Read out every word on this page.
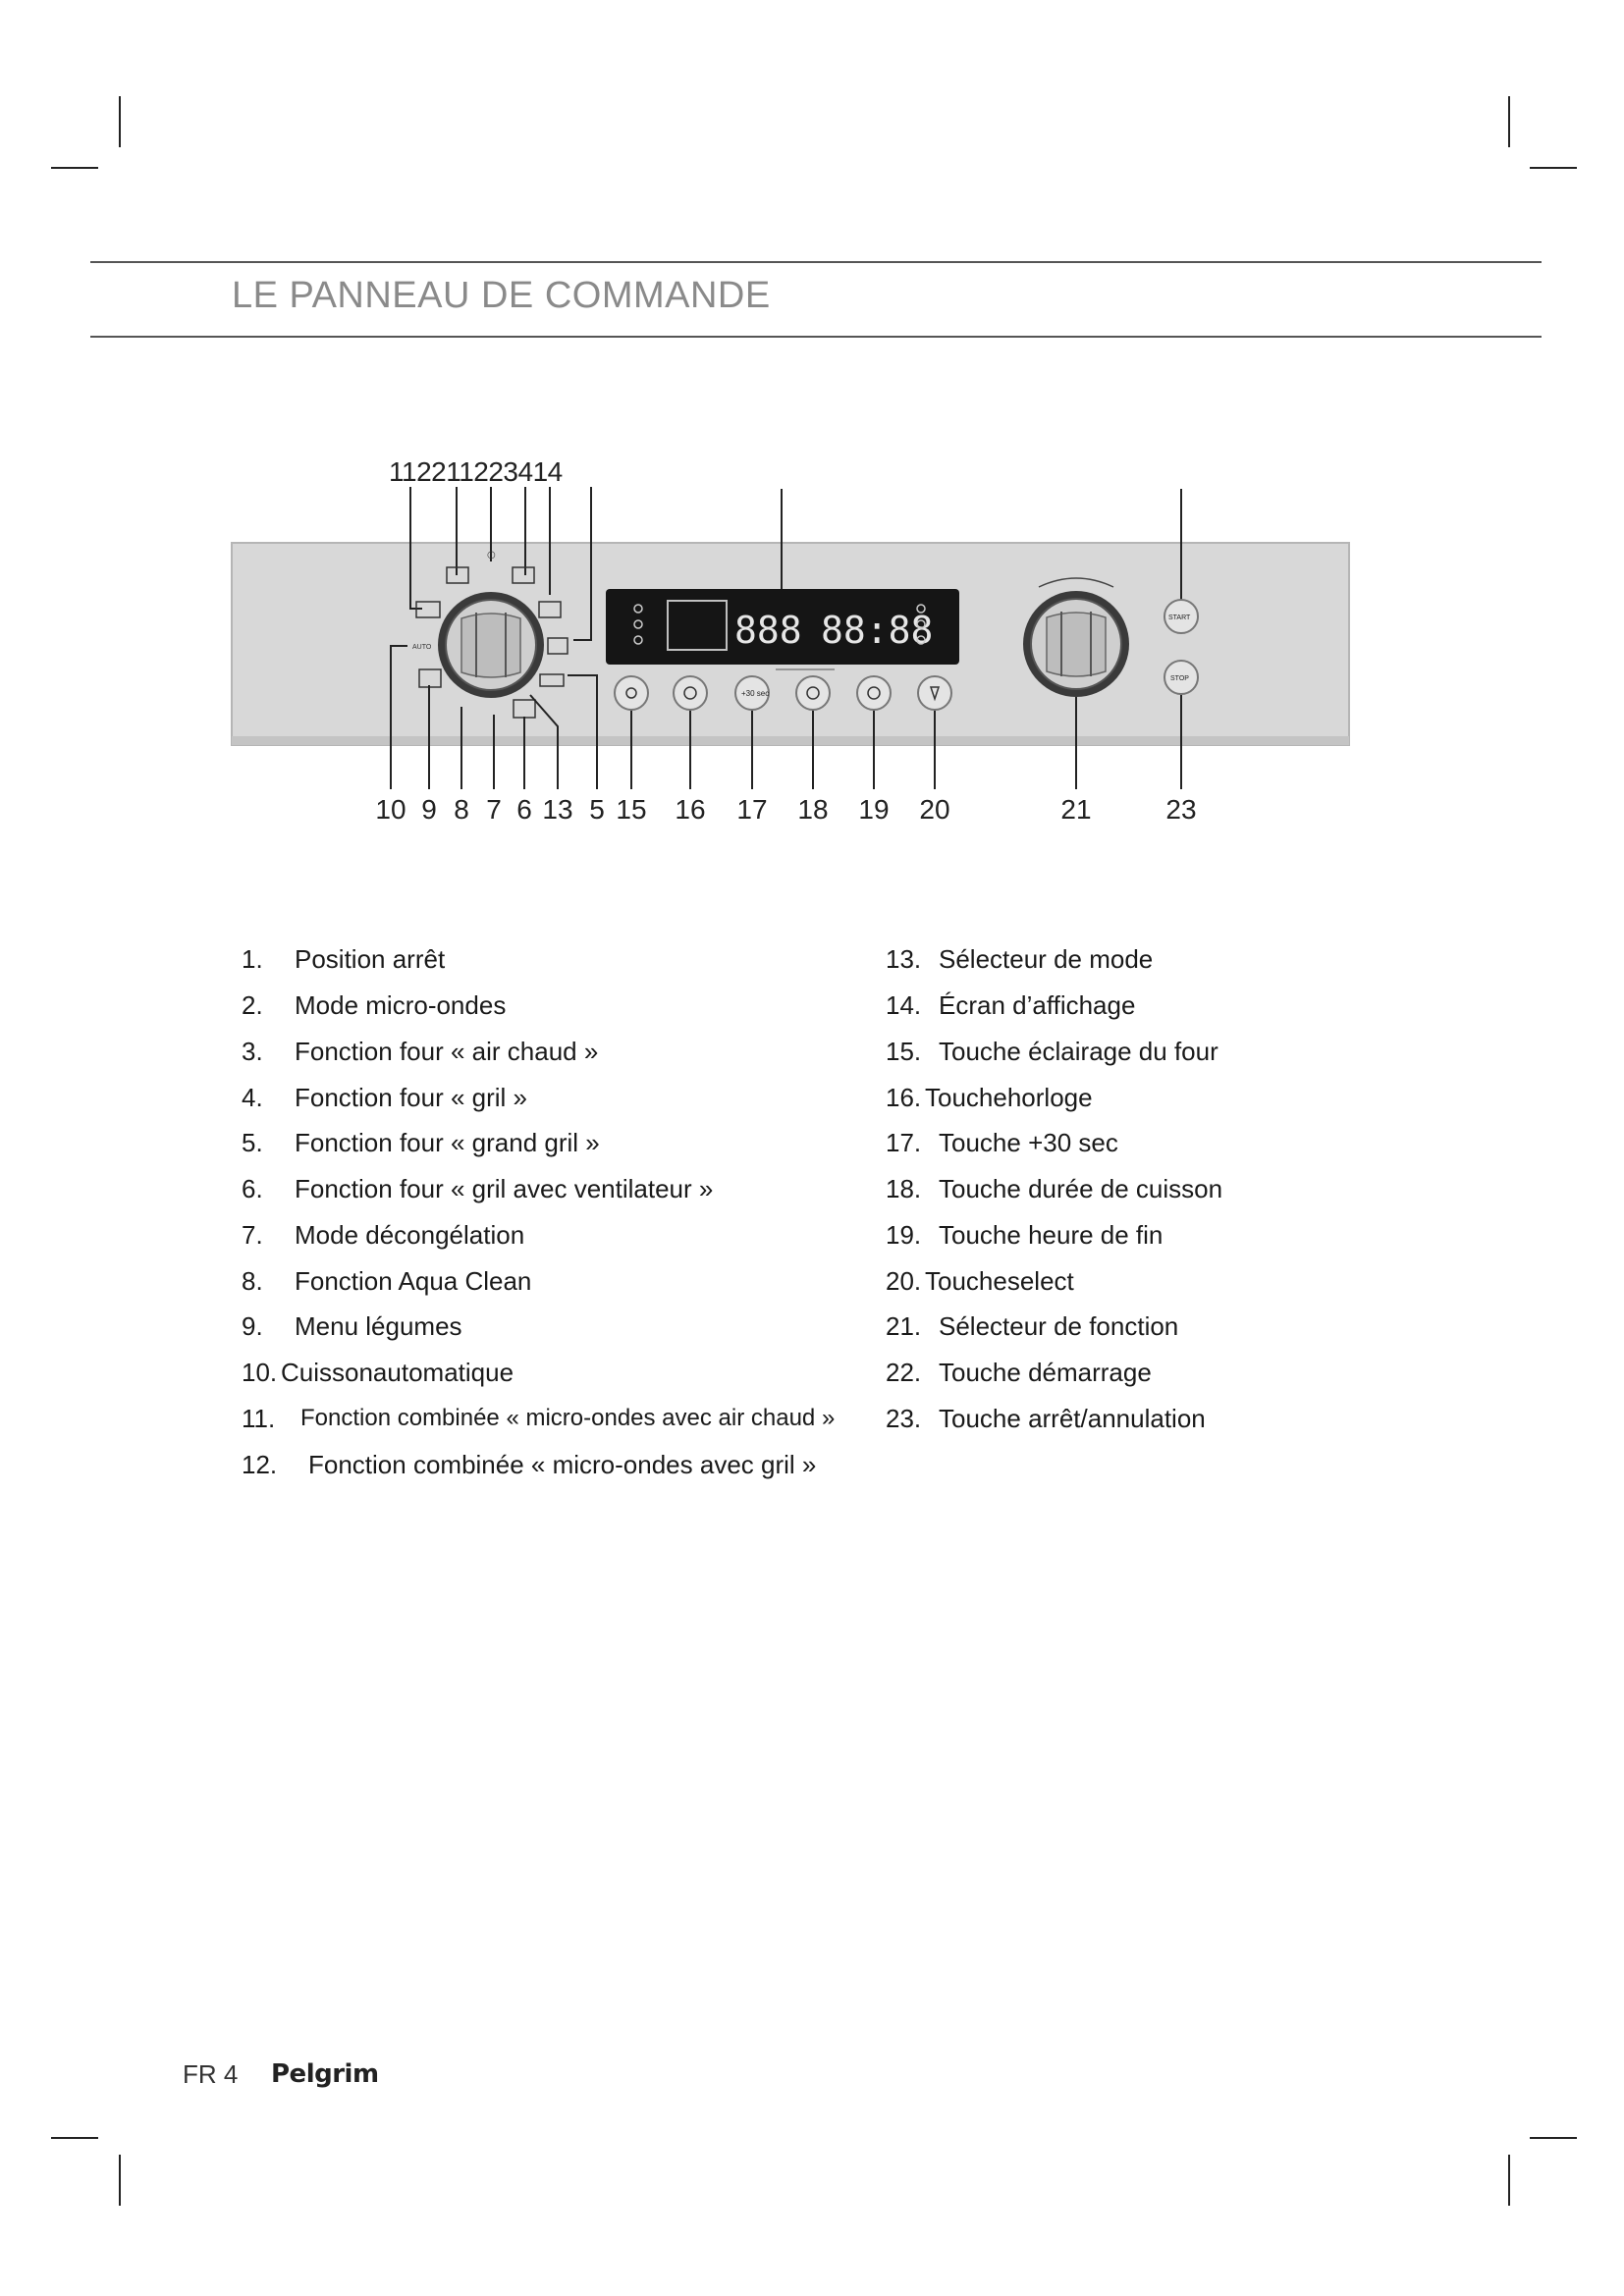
LE PANNEAU DE COMMANDE
112211223414
AUTO
○
888 88:88
+30 sec
START
STOP
10 9 8 7 6 13 5 15 16 17 18 19 20	21	23
1. Position arrêt
2. Mode micro-ondes
3. Fonction four « air chaud »
4. Fonction four « gril »
5. Fonction four « grand gril »
6. Fonction four « gril avec ventilateur »
7. Mode décongélation
8. Fonction Aqua Clean
9. Menu légumes
10. Cuissonautomatique
11. Fonction combinée « micro-ondes avec air chaud »
12. Fonction combinée « micro-ondes avec gril »
13. Sélecteur de mode
14. Écran d’affichage
15. Touche éclairage du four
16. Touchehorloge
17. Touche +30 sec
18. Touche durée de cuisson
19. Touche heure de fin
20. Toucheselect
21. Sélecteur de fonction
22. Touche démarrage
23. Touche arrêt/annulation
FR 4 Pelgrim
